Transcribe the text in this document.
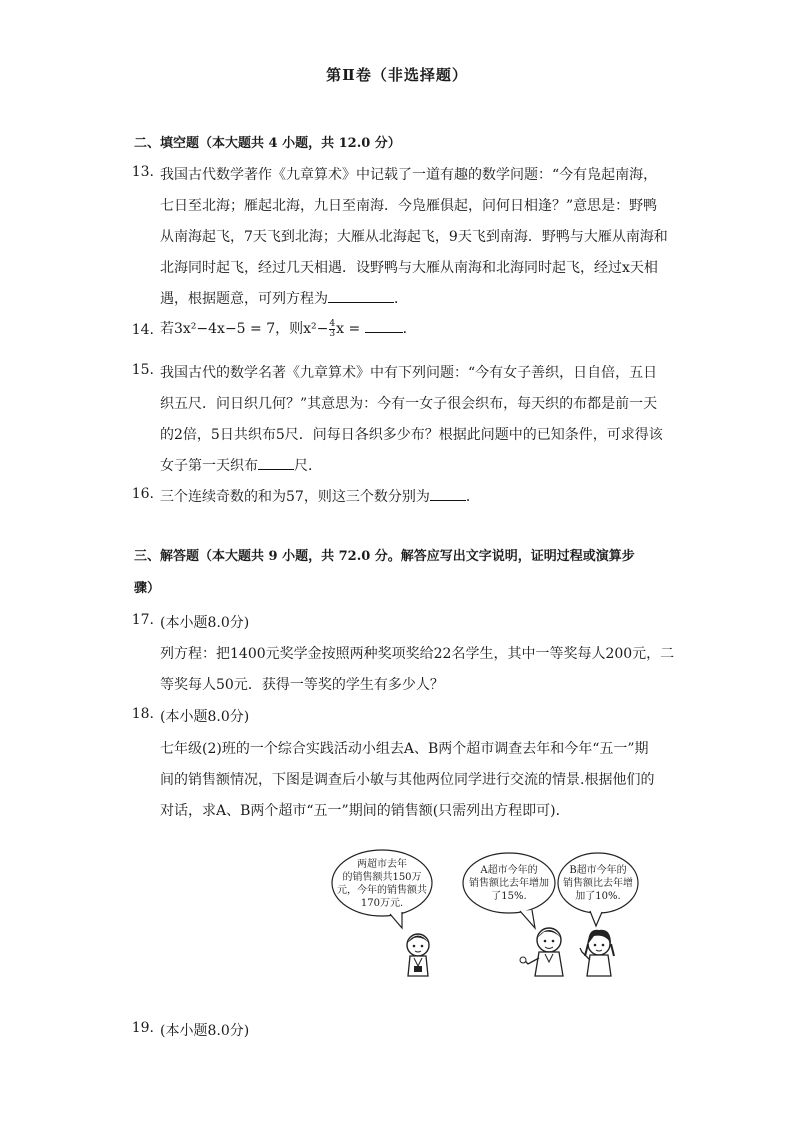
第Ⅱ卷（非选择题）
二、填空题（本大题共 4 小题，共 12.0 分）
13. 我国古代数学著作《九章算术》中记载了一道有趣的数学问题：“今有凫起南海，
七日至北海；雁起北海，九日至南海．今凫雁俱起，问何日相逢？”意思是：野鸭
从南海起飞，7天飞到北海；大雁从北海起飞，9天飞到南海．野鸭与大雁从南海和
北海同时起飞，经过几天相遇．设野鸭与大雁从南海和北海同时起飞，经过x天相
遇，根据题意，可列方程为	．
14. 若3x²−4x−5 = 7，则$x^2- \frac{4}{3}$ x =	．
15. 我国古代的数学名著《九章算术》中有下列问题：“今有女子善织，日自倍，五日
织五尺．问日织几何？”其意思为：今有一女子很会织布，每天织的布都是前一天
的2倍，5日共织布5尺．问每日各织多少布？根据此问题中的已知条件，可求得该
女子第一天织布	尺．
16. 三个连续奇数的和为57，则这三个数分别为	．
三、解答题（本大题共 9 小题，共 72.0 分。解答应写出文字说明，证明过程或演算步
骤）
17. (本小题8.0分)
列方程：把1400元奖学金按照两种奖项奖给22名学生，其中一等奖每人200元，二
等奖每人50元．获得一等奖的学生有多少人？
18. (本小题8.0分)
七年级(2)班的一个综合实践活动小组去A、B两个超市调查去年和今年“五一”期
间的销售额情况，下图是调查后小敏与其他两位同学进行交流的情景.根据他们的
对话，求A、B两个超市“五一”期间的销售额(只需列出方程即可)．
两超市去年
的销售额共150万
元，今年的销售额共
170万元.
A超市今年的
销售额比去年增加
了15%.
B超市今年的
销售额比去年增
加了10%.
19. (本小题8.0分)
